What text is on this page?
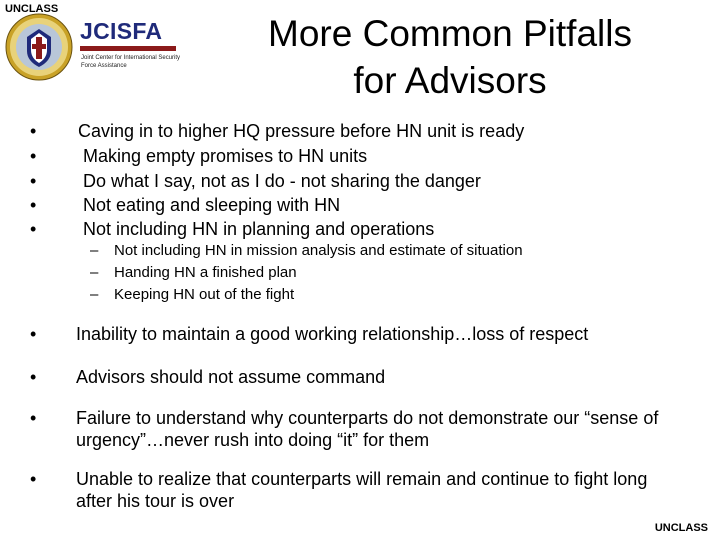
UNCLASS
JCISFA
Joint Center for International Security Force Assistance
More Common Pitfalls
for Advisors
• Caving in to higher HQ pressure before HN unit is ready
•	Making empty promises to HN units
•	Do what I say, not as I do - not sharing the danger
•	Not eating and sleeping with HN
•	Not including HN in planning and operations
– Not including HN in mission analysis and estimate of situation
– Handing HN a finished plan
– Keeping HN out of the fight
• Inability to maintain a good working relationship…loss of respect
• Advisors should not assume command
• Failure to understand why counterparts do not demonstrate our “sense of urgency”…never rush into doing “it” for them
• Unable to realize that counterparts will remain and continue to fight long after his tour is over
UNCLASS
